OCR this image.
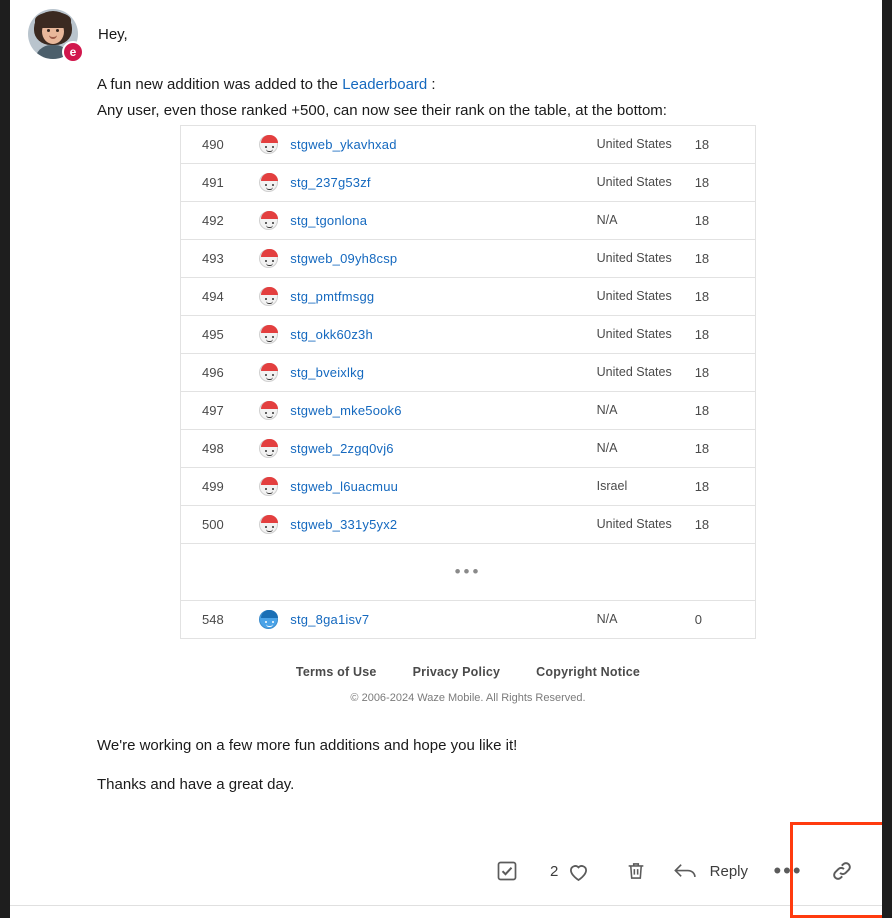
e
Hey,

A fun new addition was added to the Leaderboard :

Any user, even those ranked +500, can now see their rank on the table, at the bottom:

490		stgweb_ykavhxad	United States	18
491		stg_237g53zf	United States	18
492		stg_tgonlona	N/A	18
493		stgweb_09yh8csp	United States	18
494		stg_pmtfmsgg	United States	18
495		stg_okk60z3h	United States	18
496		stg_bveixlkg	United States	18
497		stgweb_mke5ook6	N/A	18
498		stgweb_2zgq0vj6	N/A	18
499		stgweb_l6uacmuu	Israel	18
500		stgweb_331y5yx2	United States	18
•••				
548		stg_8ga1isv7	N/A	0
Terms of Use	Privacy Policy	Copyright Notice
© 2006-2024 Waze Mobile. All Rights Reserved.

We're working on a few more fun additions and hope you like it!

Thanks and have a great day.

2	Reply	•••
